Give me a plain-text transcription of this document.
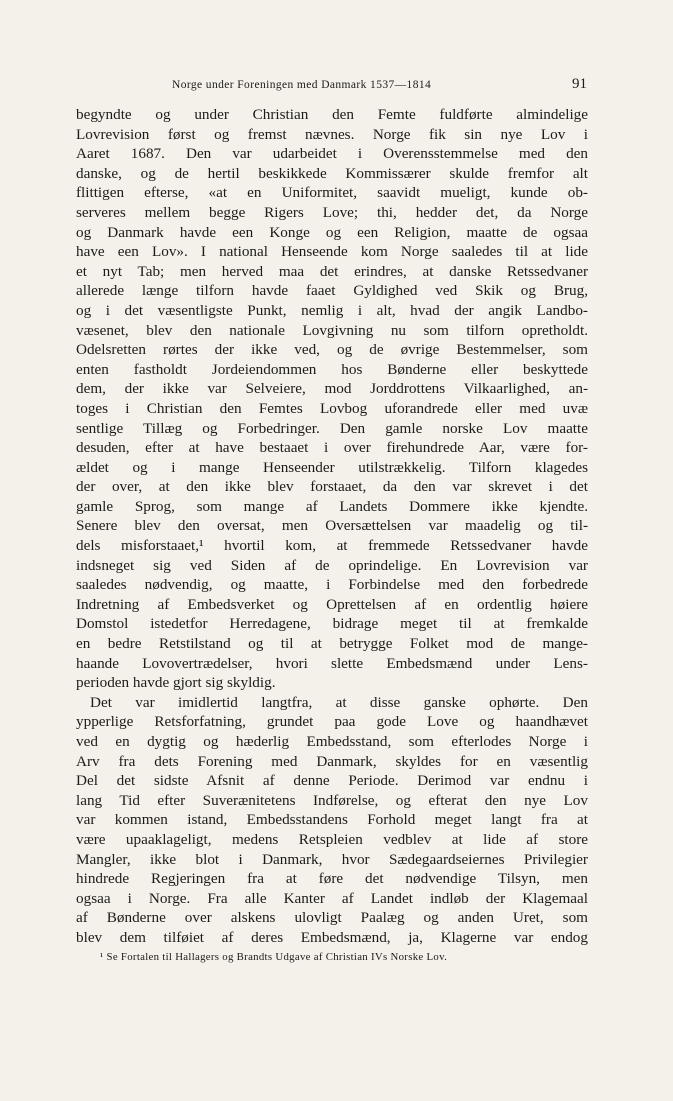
Norge under Foreningen med Danmark 1537—1814	91
begyndte og under Christian den Femte fuldførte almindelige
Lovrevision først og fremst nævnes. Norge fik sin nye Lov i
Aaret 1687. Den var udarbeidet i Overensstemmelse med den
danske, og de hertil beskikkede Kommissærer skulde fremfor alt
flittigen efterse, «at en Uniformitet, saavidt mueligt, kunde ob-
serveres mellem begge Rigers Love; thi, hedder det, da Norge
og Danmark havde een Konge og een Religion, maatte de ogsaa
have een Lov». I national Henseende kom Norge saaledes til at lide
et nyt Tab; men herved maa det erindres, at danske Retssedvaner
allerede længe tilforn havde faaet Gyldighed ved Skik og Brug,
og i det væsentligste Punkt, nemlig i alt, hvad der angik Landbo-
væsenet, blev den nationale Lovgivning nu som tilforn opretholdt.
Odelsretten rørtes der ikke ved, og de øvrige Bestemmelser, som
enten fastholdt Jordeiendommen hos Bønderne eller beskyttede
dem, der ikke var Selveiere, mod Jorddrottens Vilkaarlighed, an-
toges i Christian den Femtes Lovbog uforandrede eller med uvæ
sentlige Tillæg og Forbedringer. Den gamle norske Lov maatte
desuden, efter at have bestaaet i over firehundrede Aar, være for-
ældet og i mange Henseender utilstrækkelig. Tilforn klagedes
der over, at den ikke blev forstaaet, da den var skrevet i det
gamle Sprog, som mange af Landets Dommere ikke kjendte.
Senere blev den oversat, men Oversættelsen var maadelig og til-
dels misforstaaet,¹ hvortil kom, at fremmede Retssedvaner havde
indsneget sig ved Siden af de oprindelige. En Lovrevision var
saaledes nødvendig, og maatte, i Forbindelse med den forbedrede
Indretning af Embedsverket og Oprettelsen af en ordentlig høiere
Domstol istedetfor Herredagene, bidrage meget til at fremkalde
en bedre Retstilstand og til at betrygge Folket mod de mange-
haande Lovovertrædelser, hvori slette Embedsmænd under Lens-
perioden havde gjort sig skyldig.
Det var imidlertid langtfra, at disse ganske ophørte. Den
ypperlige Retsforfatning, grundet paa gode Love og haandhævet
ved en dygtig og hæderlig Embedsstand, som efterlodes Norge i
Arv fra dets Forening med Danmark, skyldes for en væsentlig
Del det sidste Afsnit af denne Periode. Derimod var endnu i
lang Tid efter Suverænitetens Indførelse, og efterat den nye Lov
var kommen istand, Embedsstandens Forhold meget langt fra at
være upaaklageligt, medens Retspleien vedblev at lide af store
Mangler, ikke blot i Danmark, hvor Sædegaardseiernes Privilegier
hindrede Regjeringen fra at føre det nødvendige Tilsyn, men
ogsaa i Norge. Fra alle Kanter af Landet indløb der Klagemaal
af Bønderne over alskens ulovligt Paalæg og anden Uret, som
blev dem tilføiet af deres Embedsmænd, ja, Klagerne var endog
¹ Se Fortalen til Hallagers og Brandts Udgave af Christian IVs Norske Lov.
